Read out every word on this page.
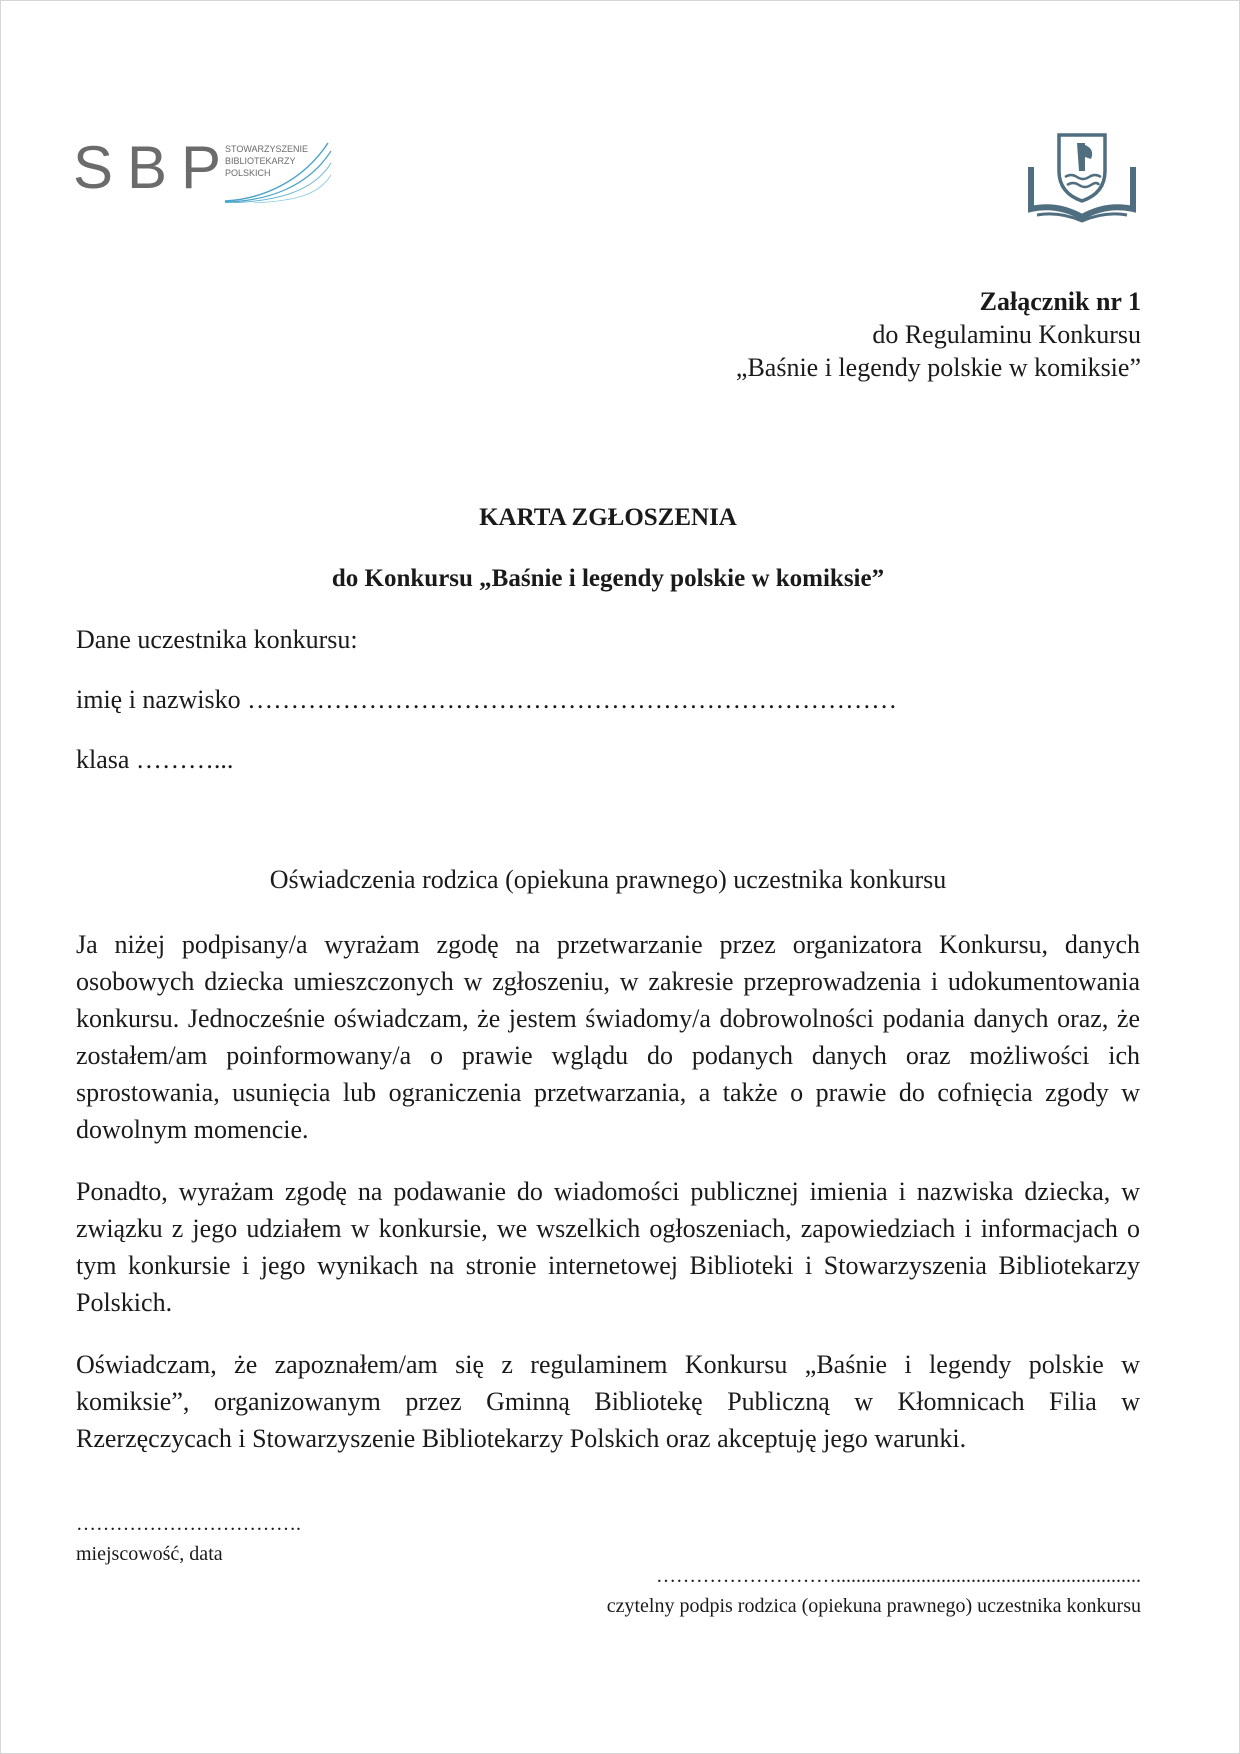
SBP
STOWARZYSZENIE
BIBLIOTEKARZY
POLSKICH
Załącznik nr 1
do Regulaminu Konkursu
„Baśnie i legendy polskie w komiksie”
KARTA ZGŁOSZENIA
do Konkursu „Baśnie i legendy polskie w komiksie”
Dane uczestnika konkursu:
imię i nazwisko …………………………………………………………………
klasa ………...
Oświadczenia rodzica (opiekuna prawnego) uczestnika konkursu

Ja niżej podpisany/a wyrażam zgodę na przetwarzanie przez organizatora Konkursu, danych osobowych dziecka umieszczonych w zgłoszeniu, w zakresie przeprowadzenia i udokumentowania konkursu. Jednocześnie oświadczam, że jestem świadomy/a dobrowolności podania danych oraz, że zostałem/am poinformowany/a o prawie wglądu do podanych danych oraz możliwości ich sprostowania, usunięcia lub ograniczenia przetwarzania, a także o prawie do cofnięcia zgody w dowolnym momencie.

Ponadto, wyrażam zgodę na podawanie do wiadomości publicznej imienia i nazwiska dziecka, w związku z jego udziałem w konkursie, we wszelkich ogłoszeniach, zapowiedziach i informacjach o tym konkursie i jego wynikach na stronie internetowej Biblioteki i Stowarzyszenia Bibliotekarzy Polskich.

Oświadczam, że zapoznałem/am się z regulaminem Konkursu „Baśnie i legendy polskie w komiksie”, organizowanym przez Gminną Bibliotekę Publiczną w Kłomnicach Filia w Rzerzęczycach i Stowarzyszenie Bibliotekarzy Polskich oraz akceptuję jego warunki.

…………………………….
miejscowość, data
……………………….............................................................
czytelny podpis rodzica (opiekuna prawnego) uczestnika konkursu
